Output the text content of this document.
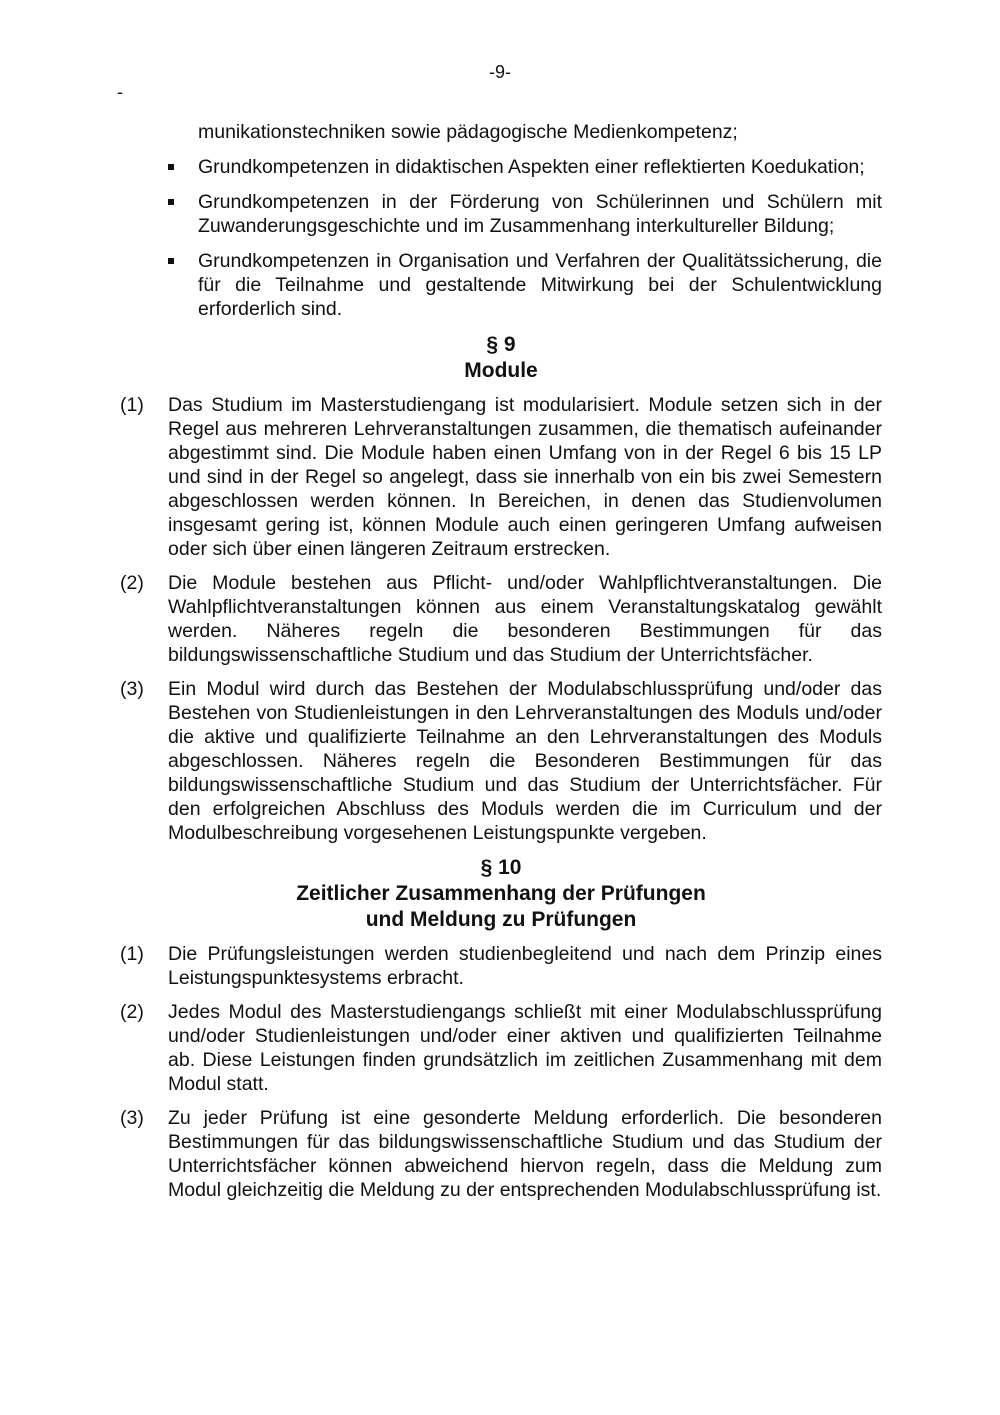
-9-
-
munikationstechniken sowie pädagogische Medienkompetenz;
Grundkompetenzen in didaktischen Aspekten einer reflektierten Koedukation;
Grundkompetenzen in der Förderung von Schülerinnen und Schülern mit Zuwanderungsgeschichte und im Zusammenhang interkultureller Bildung;
Grundkompetenzen in Organisation und Verfahren der Qualitätssicherung, die für die Teilnahme und gestaltende Mitwirkung bei der Schulentwicklung erforderlich sind.
§ 9
Module
(1) Das Studium im Masterstudiengang ist modularisiert. Module setzen sich in der Regel aus mehreren Lehrveranstaltungen zusammen, die thematisch aufeinander abgestimmt sind. Die Module haben einen Umfang von in der Regel 6 bis 15 LP und sind in der Regel so angelegt, dass sie innerhalb von ein bis zwei Semestern abgeschlossen werden können. In Bereichen, in denen das Studienvolumen insgesamt gering ist, können Module auch einen geringeren Umfang aufweisen oder sich über einen längeren Zeitraum erstrecken.
(2) Die Module bestehen aus Pflicht- und/oder Wahlpflichtveranstaltungen. Die Wahlpflichtveranstaltungen können aus einem Veranstaltungskatalog gewählt werden. Näheres regeln die besonderen Bestimmungen für das bildungswissenschaftliche Studium und das Studium der Unterrichtsfächer.
(3) Ein Modul wird durch das Bestehen der Modulabschlussprüfung und/oder das Bestehen von Studienleistungen in den Lehrveranstaltungen des Moduls und/oder die aktive und qualifizierte Teilnahme an den Lehrveranstaltungen des Moduls abgeschlossen. Näheres regeln die Besonderen Bestimmungen für das bildungswissenschaftliche Studium und das Studium der Unterrichtsfächer. Für den erfolgreichen Abschluss des Moduls werden die im Curriculum und der Modulbeschreibung vorgesehenen Leistungspunkte vergeben.
§ 10
Zeitlicher Zusammenhang der Prüfungen
und Meldung zu Prüfungen
(1) Die Prüfungsleistungen werden studienbegleitend und nach dem Prinzip eines Leistungspunktesystems erbracht.
(2) Jedes Modul des Masterstudiengangs schließt mit einer Modulabschlussprüfung und/oder Studienleistungen und/oder einer aktiven und qualifizierten Teilnahme ab. Diese Leistungen finden grundsätzlich im zeitlichen Zusammenhang mit dem Modul statt.
(3) Zu jeder Prüfung ist eine gesonderte Meldung erforderlich. Die besonderen Bestimmungen für das bildungswissenschaftliche Studium und das Studium der Unterrichtsfächer können abweichend hiervon regeln, dass die Meldung zum Modul gleichzeitig die Meldung zu der entsprechenden Modulabschlussprüfung ist.
